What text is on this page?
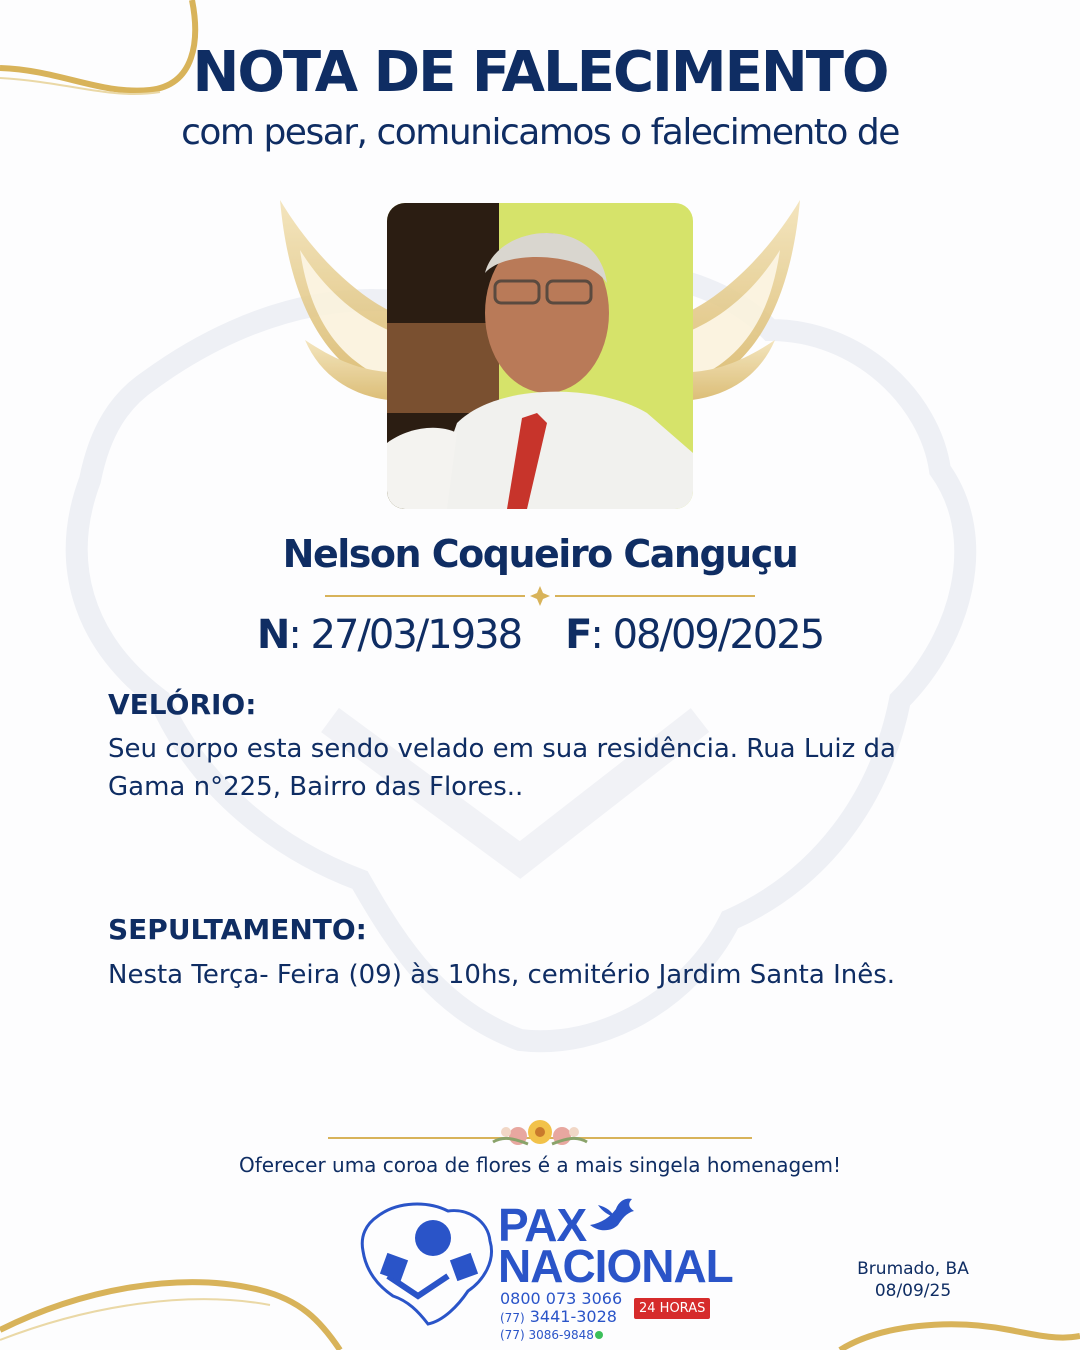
NOTA DE FALECIMENTO
com pesar, comunicamos o falecimento de
Nelson Coqueiro Canguçu
N: 27/03/1938 F: 08/09/2025
VELÓRIO:
Seu corpo esta sendo velado em sua residência. Rua Luiz da Gama n°225, Bairro das Flores..
SEPULTAMENTO:
Nesta Terça- Feira (09) às 10hs, cemitério Jardim Santa Inês.
Oferecer uma coroa de flores é a mais singela homenagem!
PAX
NACIONAL
0800 073 3066
(77) 3441-3028
(77) 3086-9848
24 HORAS
Brumado, BA
08/09/25
